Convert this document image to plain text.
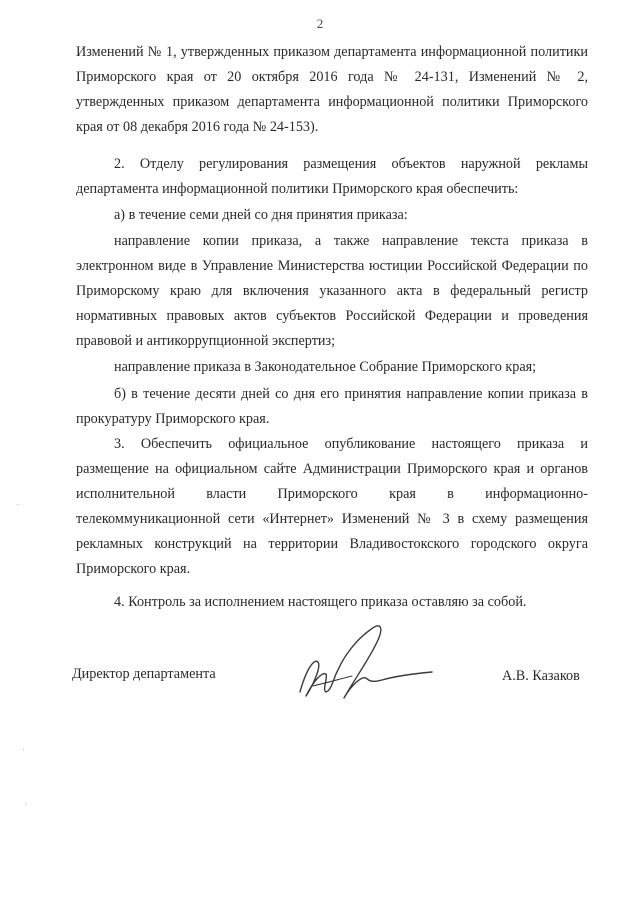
2

Изменений № 1, утвержденных приказом департамента информационной политики Приморского края от 20 октября 2016 года № 24-131, Изменений № 2, утвержденных приказом департамента информационной политики Приморского края от 08 декабря 2016 года № 24-153).

2. Отделу регулирования размещения объектов наружной рекламы департамента информационной политики Приморского края обеспечить:

а) в течение семи дней со дня принятия приказа:

направление копии приказа, а также направление текста приказа в электронном виде в Управление Министерства юстиции Российской Федерации по Приморскому краю для включения указанного акта в федеральный регистр нормативных правовых актов субъектов Российской Федерации и проведения правовой и антикоррупционной экспертиз;

направление приказа в Законодательное Собрание Приморского края;

б) в течение десяти дней со дня его принятия направление копии приказа в прокуратуру Приморского края.

3. Обеспечить официальное опубликование настоящего приказа и размещение на официальном сайте Администрации Приморского края и органов исполнительной власти Приморского края в информационно-телекоммуникационной сети «Интернет» Изменений № 3 в схему размещения рекламных конструкций на территории Владивостокского городского округа Приморского края.

4. Контроль за исполнением настоящего приказа оставляю за собой.

Директор департамента	А.В. Казаков
·
·
·
